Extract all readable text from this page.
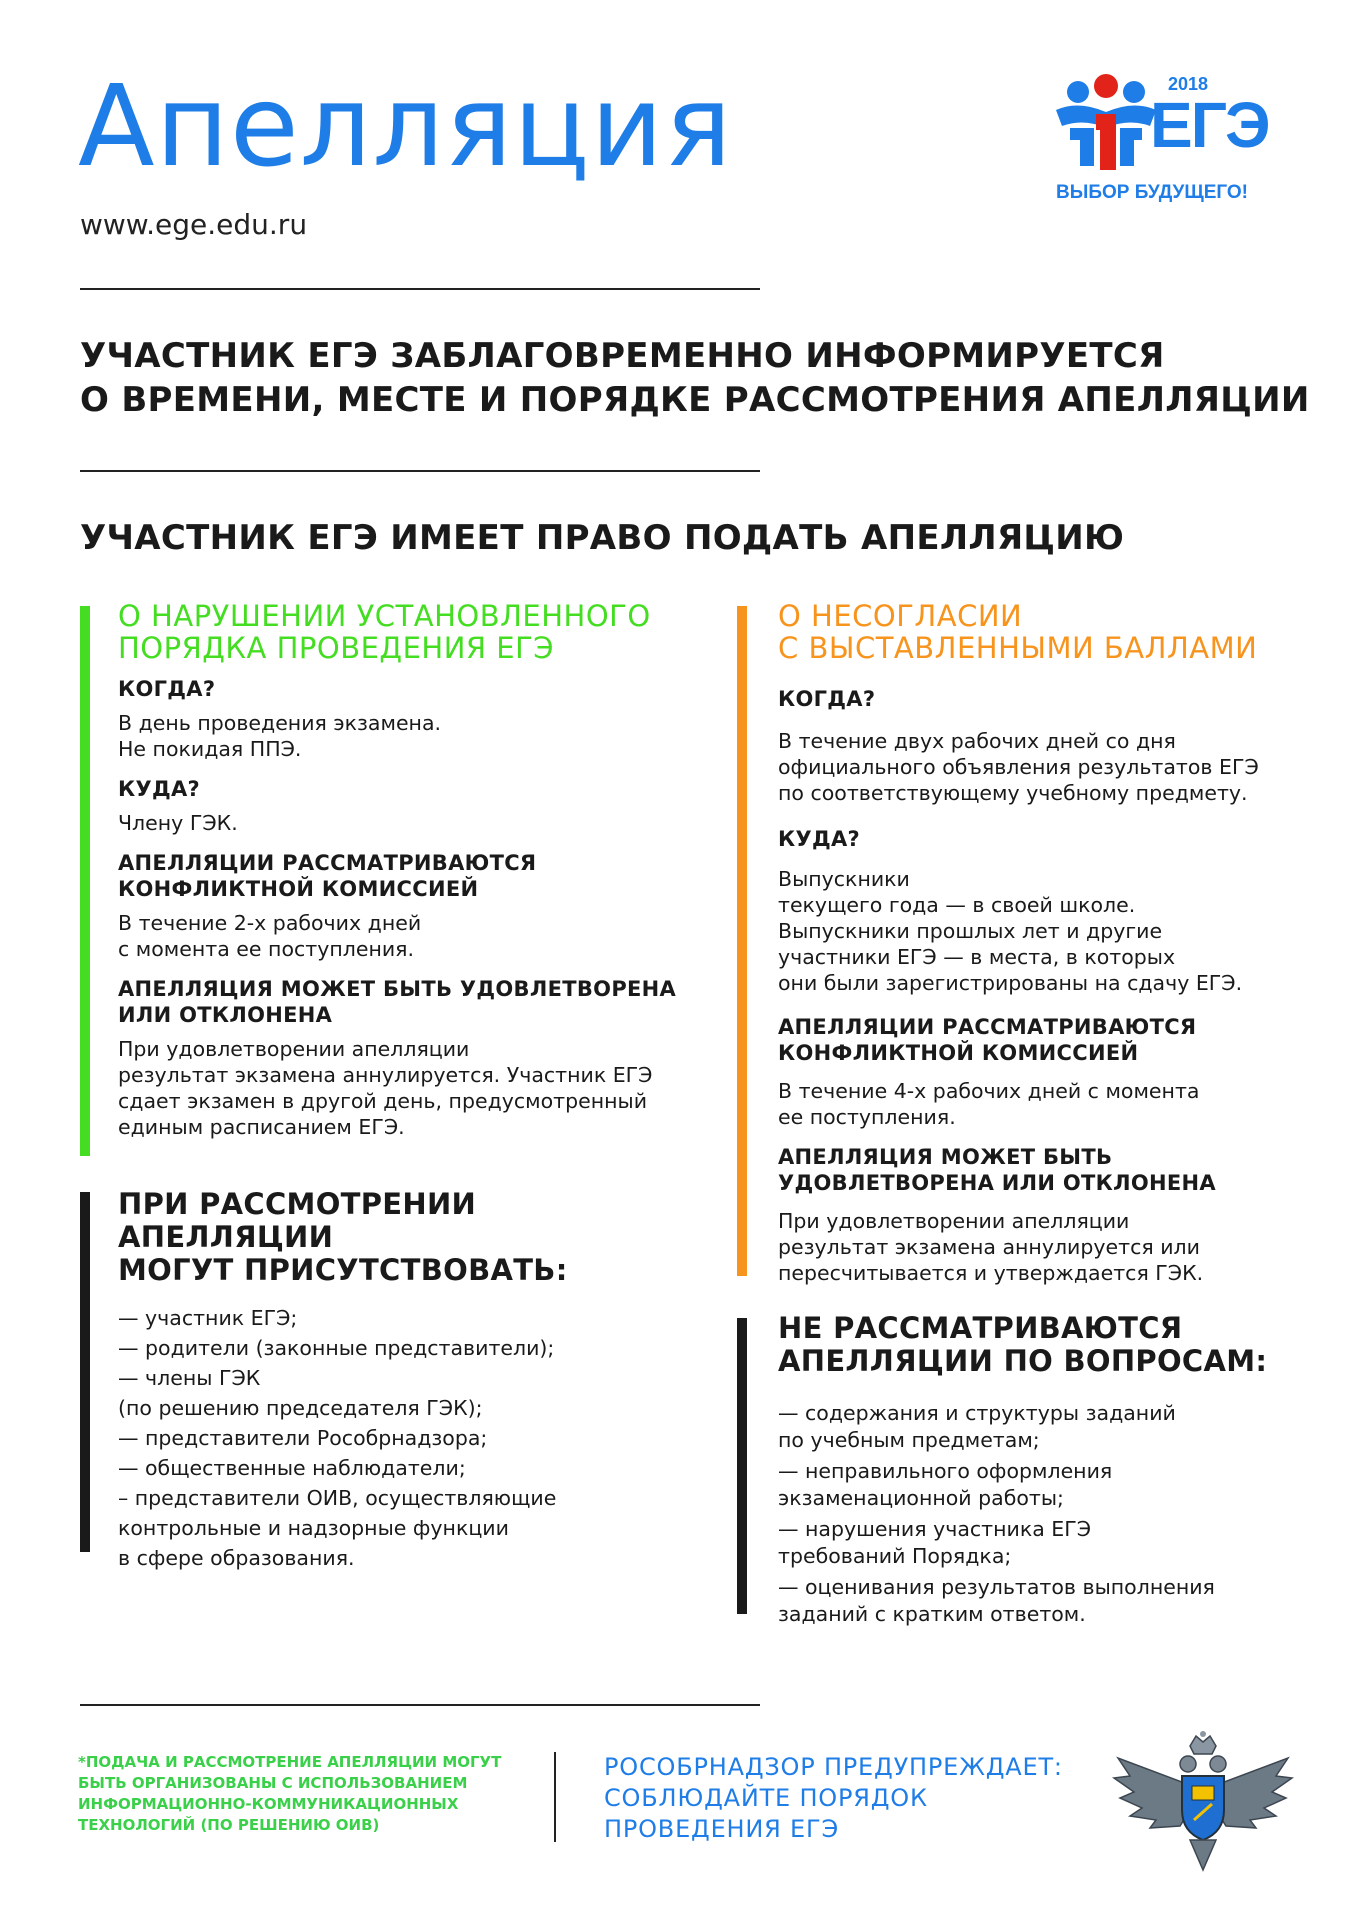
Апелляция
www.ege.edu.ru
2018
ЕГЭ
ВЫБОР БУДУЩЕГО!
УЧАСТНИК ЕГЭ ЗАБЛАГОВРЕМЕННО ИНФОРМИРУЕТСЯ
О ВРЕМЕНИ, МЕСТЕ И ПОРЯДКЕ РАССМОТРЕНИЯ АПЕЛЛЯЦИИ
УЧАСТНИК ЕГЭ ИМЕЕТ ПРАВО ПОДАТЬ АПЕЛЛЯЦИЮ
О НАРУШЕНИИ УСТАНОВЛЕННОГО
ПОРЯДКА ПРОВЕДЕНИЯ ЕГЭ
КОГДА?
В день проведения экзамена.
Не покидая ППЭ.
КУДА?
Члену ГЭК.
АПЕЛЛЯЦИИ РАССМАТРИВАЮТСЯ
КОНФЛИКТНОЙ КОМИССИЕЙ
В течение 2-х рабочих дней
с момента ее поступления.
АПЕЛЛЯЦИЯ МОЖЕТ БЫТЬ УДОВЛЕТВОРЕНА
ИЛИ ОТКЛОНЕНА
При удовлетворении апелляции
результат экзамена аннулируется. Участник ЕГЭ
сдает экзамен в другой день, предусмотренный
единым расписанием ЕГЭ.
ПРИ РАССМОТРЕНИИ АПЕЛЛЯЦИИ
МОГУТ ПРИСУТСТВОВАТЬ:
— участник ЕГЭ;
— родители (законные представители);
— члены ГЭК
(по решению председателя ГЭК);
— представители Рособрнадзора;
— общественные наблюдатели;
– представители ОИВ, осуществляющие
контрольные и надзорные функции
в сфере образования.
О НЕСОГЛАСИИ
С ВЫСТАВЛЕННЫМИ БАЛЛАМИ
КОГДА?
В течение двух рабочих дней со дня
официального объявления результатов ЕГЭ
по соответствующему учебному предмету.
КУДА?
Выпускники
текущего года — в своей школе.
Выпускники прошлых лет и другие
участники ЕГЭ — в места, в которых
они были зарегистрированы на сдачу ЕГЭ.
АПЕЛЛЯЦИИ РАССМАТРИВАЮТСЯ
КОНФЛИКТНОЙ КОМИССИЕЙ
В течение 4-х рабочих дней с момента
ее поступления.
АПЕЛЛЯЦИЯ МОЖЕТ БЫТЬ
УДОВЛЕТВОРЕНА ИЛИ ОТКЛОНЕНА
При удовлетворении апелляции
результат экзамена аннулируется или
пересчитывается и утверждается ГЭК.
НЕ РАССМАТРИВАЮТСЯ
АПЕЛЛЯЦИИ ПО ВОПРОСАМ:
— содержания и структуры заданий
по учебным предметам;
— неправильного оформления
экзаменационной работы;
— нарушения участника ЕГЭ
требований Порядка;
— оценивания результатов выполнения
заданий с кратким ответом.
*ПОДАЧА И РАССМОТРЕНИЕ АПЕЛЛЯЦИИ МОГУТ
БЫТЬ ОРГАНИЗОВАНЫ С ИСПОЛЬЗОВАНИЕМ
ИНФОРМАЦИОННО-КОММУНИКАЦИОННЫХ
ТЕХНОЛОГИЙ (ПО РЕШЕНИЮ ОИВ)
РОСОБРНАДЗОР ПРЕДУПРЕЖДАЕТ:
СОБЛЮДАЙТЕ ПОРЯДОК
ПРОВЕДЕНИЯ ЕГЭ
